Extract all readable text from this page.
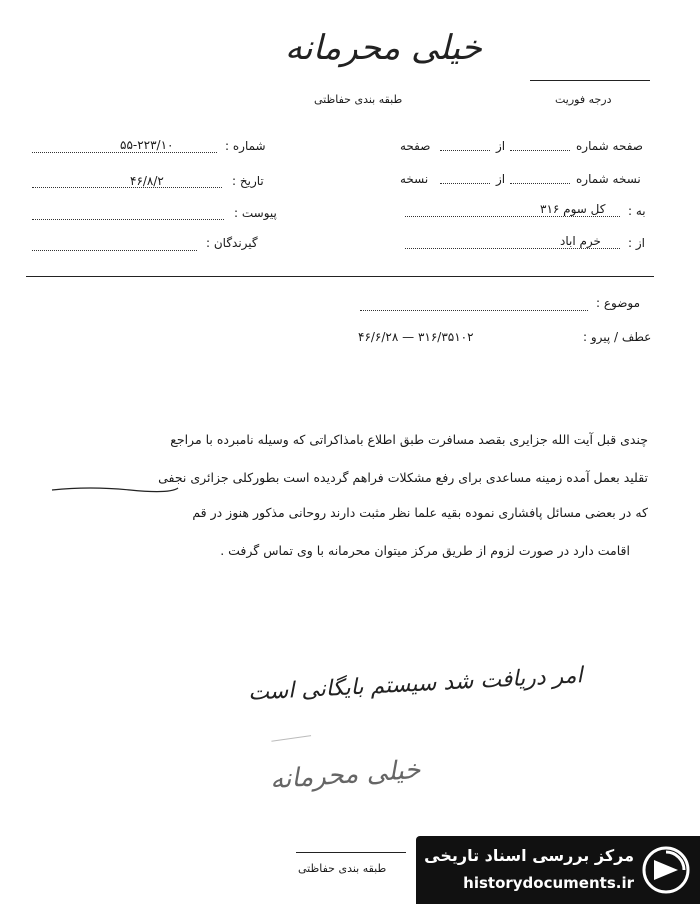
خیلی محرمانه
طبقه بندی حفاظتی	درجه فوریت
صفحه شماره
از
صفحه
نسخه شماره
از
نسخه
به :
کل سوم ۳۱۶
از :
خرم اباد
شماره :
۵۵-۲۲۳/۱۰
تاریخ :
۴۶/۸/۲
پیوست :
گیرندگان :
موضوع :
عطف / پیرو :
۳۱۶/۳۵۱۰۲ — ۴۶/۶/۲۸
چندی قبل آیت الله جزایری بقصد مسافرت طبق اطلاع بامذاکراتی که وسیله نامبرده با مراجع
تقلید بعمل آمده زمینه مساعدی برای رفع مشکلات فراهم گردیده است بطورکلی جزائری نجفی
که در بعضی مسائل پافشاری نموده بقیه علما نظر مثبت دارند روحانی مذکور هنوز در قم
اقامت دارد در صورت لزوم از طریق مرکز میتوان محرمانه با وی تماس گرفت .
امر دریافت شد سیستم بایگانی است
خیلی محرمانه
طبقه بندی حفاظتی
مرکز بررسی اسناد تاریخی
historydocuments.ir
